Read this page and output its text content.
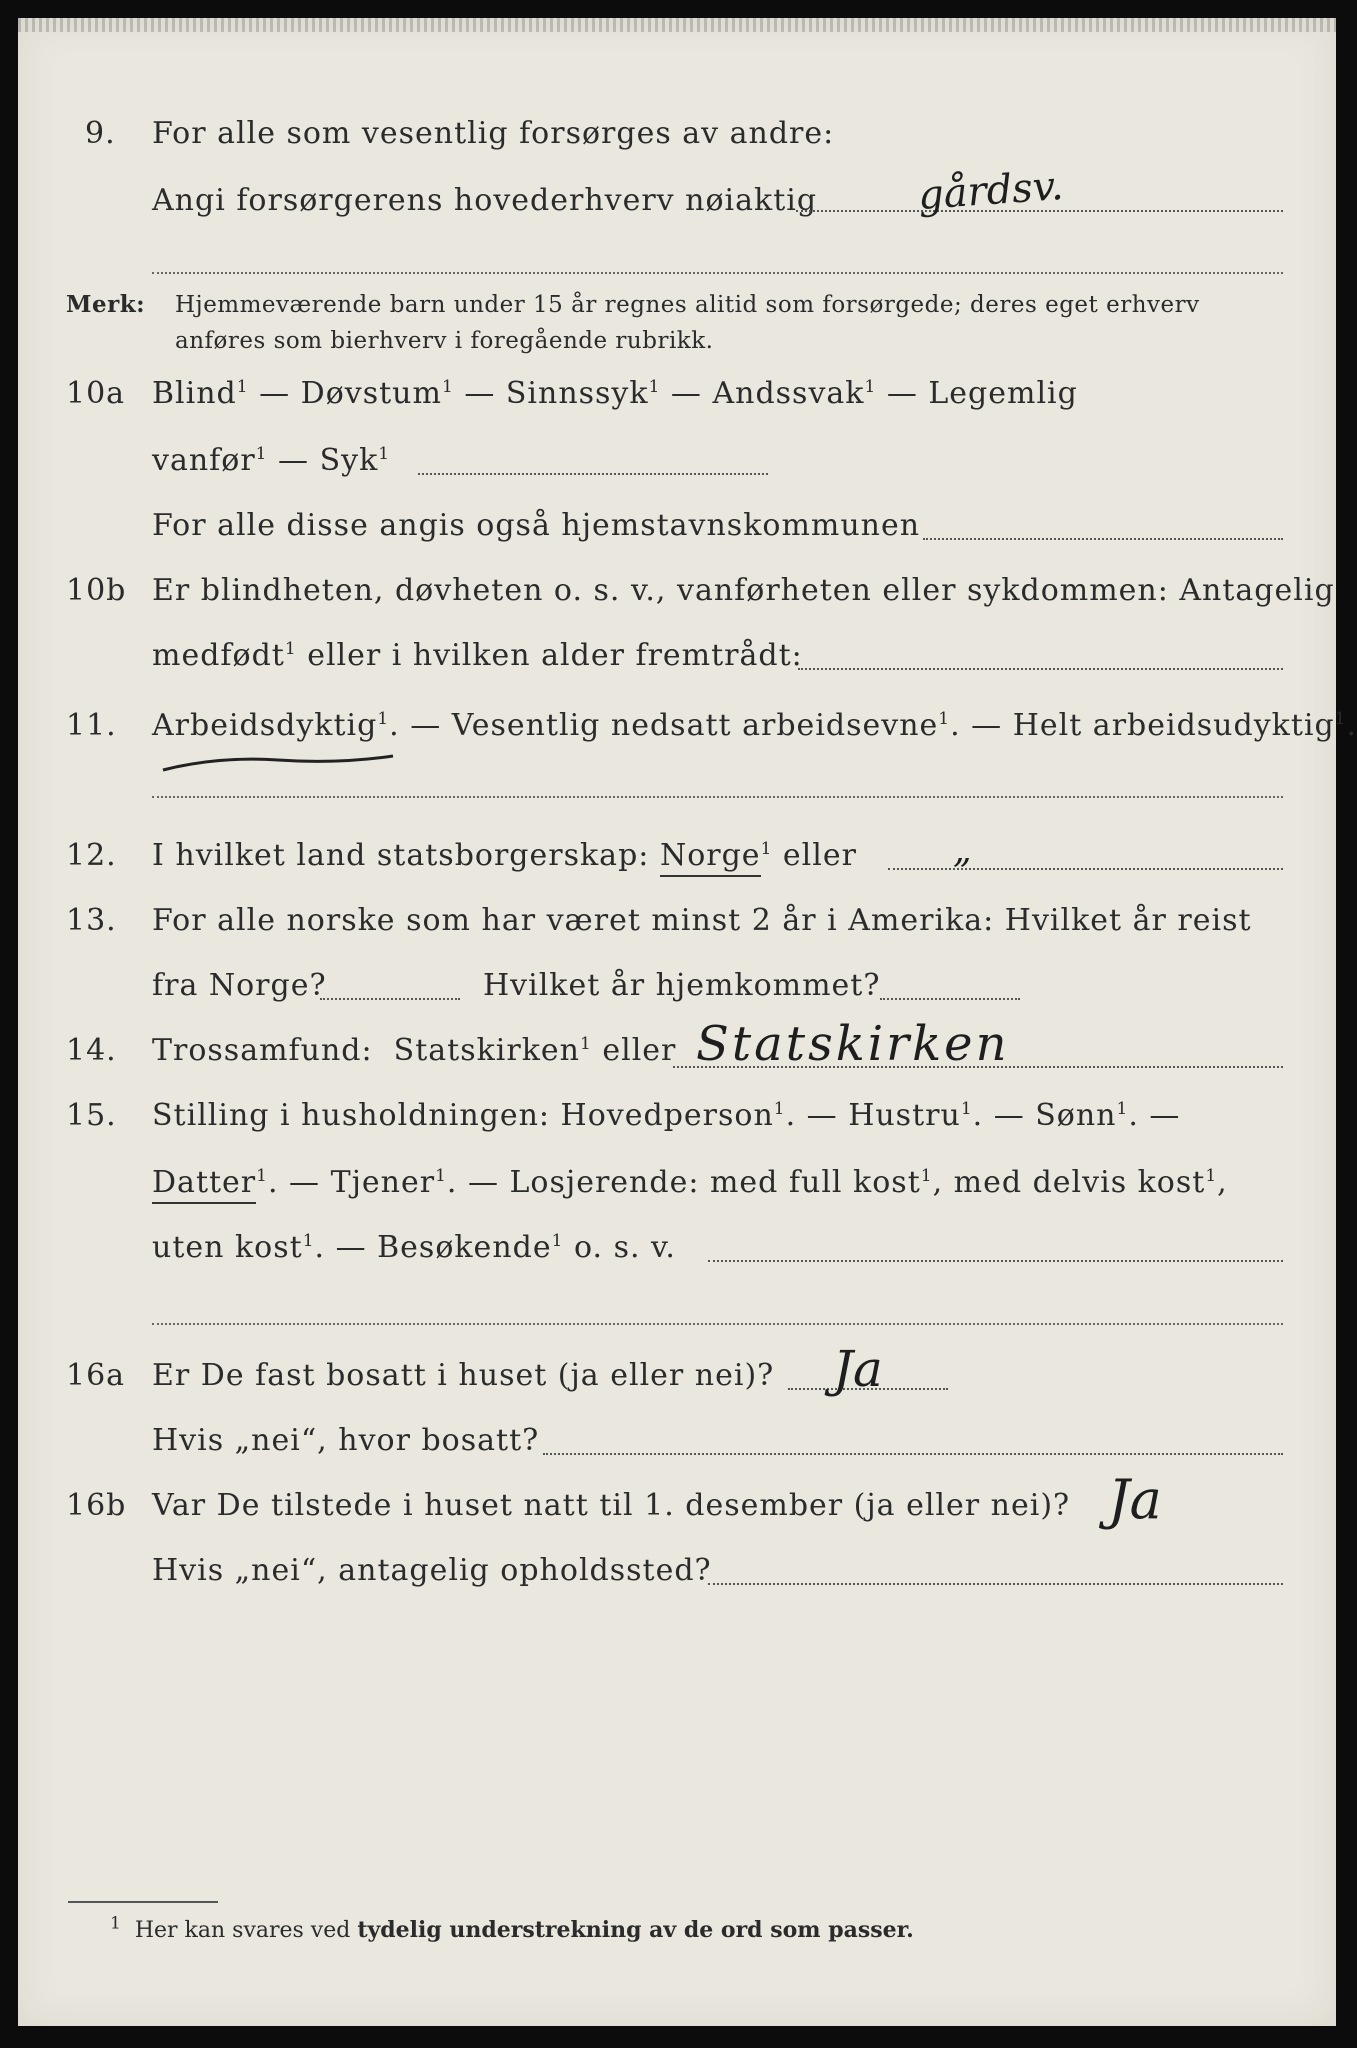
9. For alle som vesentlig forsørges av andre:
Angi forsørgerens hovederhverv nøiaktig gårdsv.
Merk: Hjemmeværende barn under 15 år regnes alitid som forsørgede; deres eget erhverv
anføres som bierhverv i foregående rubrikk.
10a Blind$^1$ — Døvstum$^1$ — Sinnssyk$^1$ — Andssvak$^1$ — Legemlig
vanfør$^1$ — Syk$^1$
For alle disse angis også hjemstavnskommunen
10b Er blindheten, døvheten o. s. v., vanførheten eller sykdommen: Antagelig
medfødt$^1$ eller i hvilken alder fremtrådt:
11. Arbeidsdyktig$^1$. — Vesentlig nedsatt arbeidsevne$^1$. — Helt arbeidsudyktig$^1$.
12. I hvilket land statsborgerskap: Norge$^1$ eller	„
13. For alle norske som har været minst 2 år i Amerika: Hvilket år reist
fra Norge?	Hvilket år hjemkommet?
14. Trossamfund: Statskirken$^1$ eller Statskirken
15. Stilling i husholdningen: Hovedperson$^1$. — Hustru$^1$. — Sønn$^1$. —
Datter$^1$. — Tjener$^1$. — Losjerende: med full kost$^1$, med delvis kost$^1$,
uten kost$^1$. — Besøkende$^1$ o. s. v.
16a Er De fast bosatt i huset (ja eller nei)? Ja
Hvis „nei“, hvor bosatt?
16b Var De tilstede i huset natt til 1. desember (ja eller nei)? Ja
Hvis „nei“, antagelig opholdssted?
$^1$ Her kan svares ved tydelig understrekning av de ord som passer.
